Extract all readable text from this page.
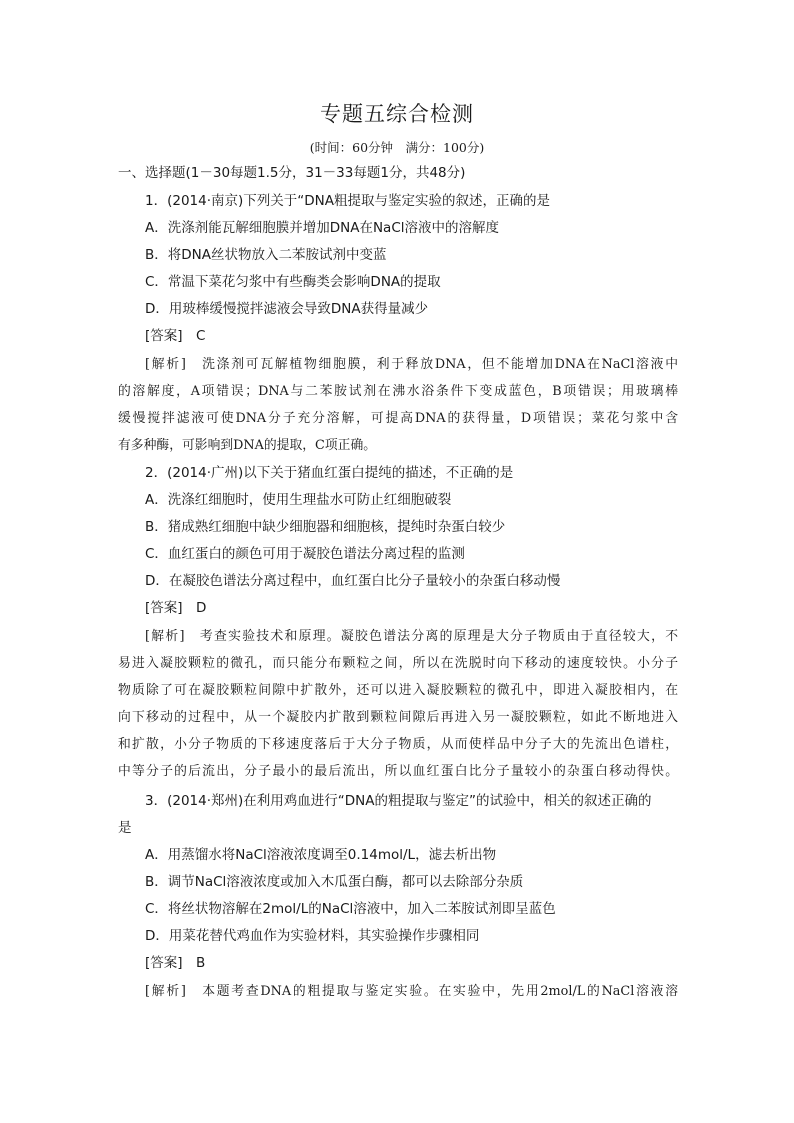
专题五综合检测
(时间：60分钟　满分：100分)
一、选择题(1－30每题1.5分，31－33每题1分，共48分)
1．(2014·南京)下列关于“DNA粗提取与鉴定实验的叙述，正确的是
A．洗涤剂能瓦解细胞膜并增加DNA在NaCl溶液中的溶解度
B．将DNA丝状物放入二苯胺试剂中变蓝
C．常温下菜花匀浆中有些酶类会影响DNA的提取
D．用玻棒缓慢搅拌滤液会导致DNA获得量减少
[答案]　C
[解析]　洗涤剂可瓦解植物细胞膜，利于释放DNA，但不能增加DNA在NaCl溶液中
的溶解度，A项错误；DNA与二苯胺试剂在沸水浴条件下变成蓝色，B项错误；用玻璃棒
缓慢搅拌滤液可使DNA分子充分溶解，可提高DNA的获得量，D项错误；菜花匀浆中含
有多种酶，可影响到DNA的提取，C项正确。
2．(2014·广州)以下关于猪血红蛋白提纯的描述，不正确的是
A．洗涤红细胞时，使用生理盐水可防止红细胞破裂
B．猪成熟红细胞中缺少细胞器和细胞核，提纯时杂蛋白较少
C．血红蛋白的颜色可用于凝胶色谱法分离过程的监测
D．在凝胶色谱法分离过程中，血红蛋白比分子量较小的杂蛋白移动慢
[答案]　D
[解析]　考查实验技术和原理。凝胶色谱法分离的原理是大分子物质由于直径较大，不
易进入凝胶颗粒的微孔，而只能分布颗粒之间，所以在洗脱时向下移动的速度较快。小分子
物质除了可在凝胶颗粒间隙中扩散外，还可以进入凝胶颗粒的微孔中，即进入凝胶相内，在
向下移动的过程中，从一个凝胶内扩散到颗粒间隙后再进入另一凝胶颗粒，如此不断地进入
和扩散，小分子物质的下移速度落后于大分子物质，从而使样品中分子大的先流出色谱柱，
中等分子的后流出，分子最小的最后流出，所以血红蛋白比分子量较小的杂蛋白移动得快。
3．(2014·郑州)在利用鸡血进行“DNA的粗提取与鉴定”的试验中，相关的叙述正确的
是
A．用蒸馏水将NaCl溶液浓度调至0.14mol/L，滤去析出物
B．调节NaCl溶液浓度或加入木瓜蛋白酶，都可以去除部分杂质
C．将丝状物溶解在2mol/L的NaCl溶液中，加入二苯胺试剂即呈蓝色
D．用菜花替代鸡血作为实验材料，其实验操作步骤相同
[答案]　B
[解析]　本题考查DNA的粗提取与鉴定实验。在实验中，先用2mol/L的NaCl溶液溶
